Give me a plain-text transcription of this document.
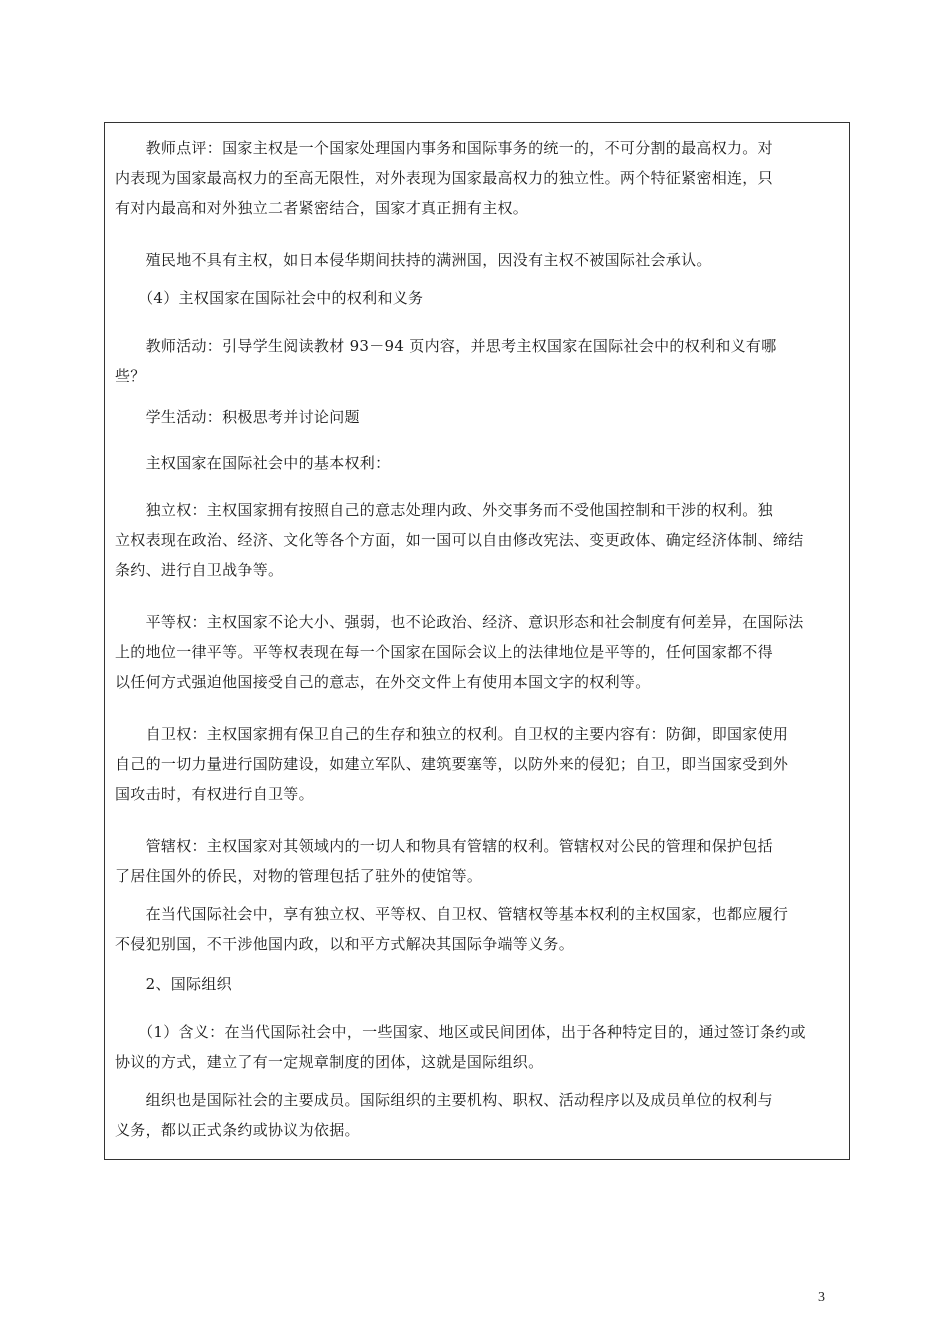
　　教师点评：国家主权是一个国家处理国内事务和国际事务的统一的，不可分割的最高权力。对
内表现为国家最高权力的至高无限性，对外表现为国家最高权力的独立性。两个特征紧密相连，只
有对内最高和对外独立二者紧密结合，国家才真正拥有主权。
　　殖民地不具有主权，如日本侵华期间扶持的满洲国，因没有主权不被国际社会承认。
　　（4）主权国家在国际社会中的权利和义务
　　教师活动：引导学生阅读教材 93－94 页内容，并思考主权国家在国际社会中的权利和义有哪
些？
　　学生活动：积极思考并讨论问题
　　主权国家在国际社会中的基本权利：
　　独立权：主权国家拥有按照自己的意志处理内政、外交事务而不受他国控制和干涉的权利。独
立权表现在政治、经济、文化等各个方面，如一国可以自由修改宪法、变更政体、确定经济体制、缔结
条约、进行自卫战争等。
　　平等权：主权国家不论大小、强弱，也不论政治、经济、意识形态和社会制度有何差异，在国际法
上的地位一律平等。平等权表现在每一个国家在国际会议上的法律地位是平等的，任何国家都不得
以任何方式强迫他国接受自己的意志，在外交文件上有使用本国文字的权利等。
　　自卫权：主权国家拥有保卫自己的生存和独立的权利。自卫权的主要内容有：防御，即国家使用
自己的一切力量进行国防建设，如建立军队、建筑要塞等，以防外来的侵犯；自卫，即当国家受到外
国攻击时，有权进行自卫等。
　　管辖权：主权国家对其领域内的一切人和物具有管辖的权利。管辖权对公民的管理和保护包括
了居住国外的侨民，对物的管理包括了驻外的使馆等。
　　在当代国际社会中，享有独立权、平等权、自卫权、管辖权等基本权利的主权国家，也都应履行
不侵犯别国，不干涉他国内政，以和平方式解决其国际争端等义务。
　　2、国际组织
　　（1）含义：在当代国际社会中，一些国家、地区或民间团体，出于各种特定目的，通过签订条约或
协议的方式，建立了有一定规章制度的团体，这就是国际组织。
　　组织也是国际社会的主要成员。国际组织的主要机构、职权、活动程序以及成员单位的权利与
义务，都以正式条约或协议为依据。
3
